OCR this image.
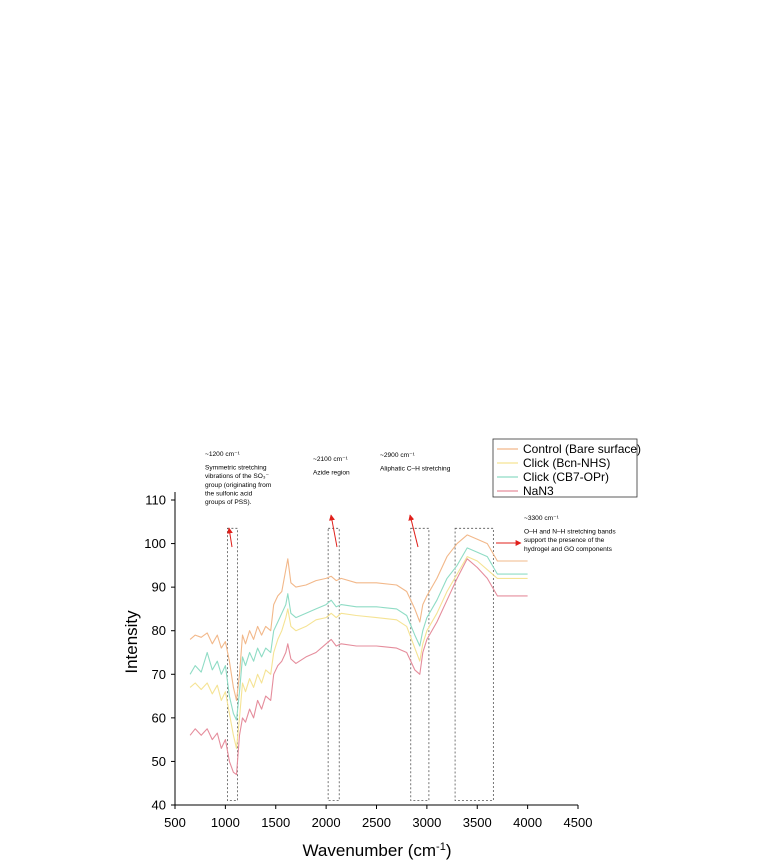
~1200 cm⁻¹
Symmetric stretching
vibrations of the SO₃⁻
group (originating from
the sulfonic acid
groups of PSS).
~2100 cm⁻¹
Azide region
~2900 cm⁻¹
Aliphatic C–H stretching
~3300 cm⁻¹
O–H and N–H stretching bands
support the presence of the
hydrogel and GO components
500 1000 1500 2000 2500 3000 3500 4000 4500
40
50
60
70
80
90
100
110
Wavenumber $(cm^{-1})$
Intensity
Control (Bare surface)
Click (Bcn-NHS)
Click (CB7-OPr)
NaN3
